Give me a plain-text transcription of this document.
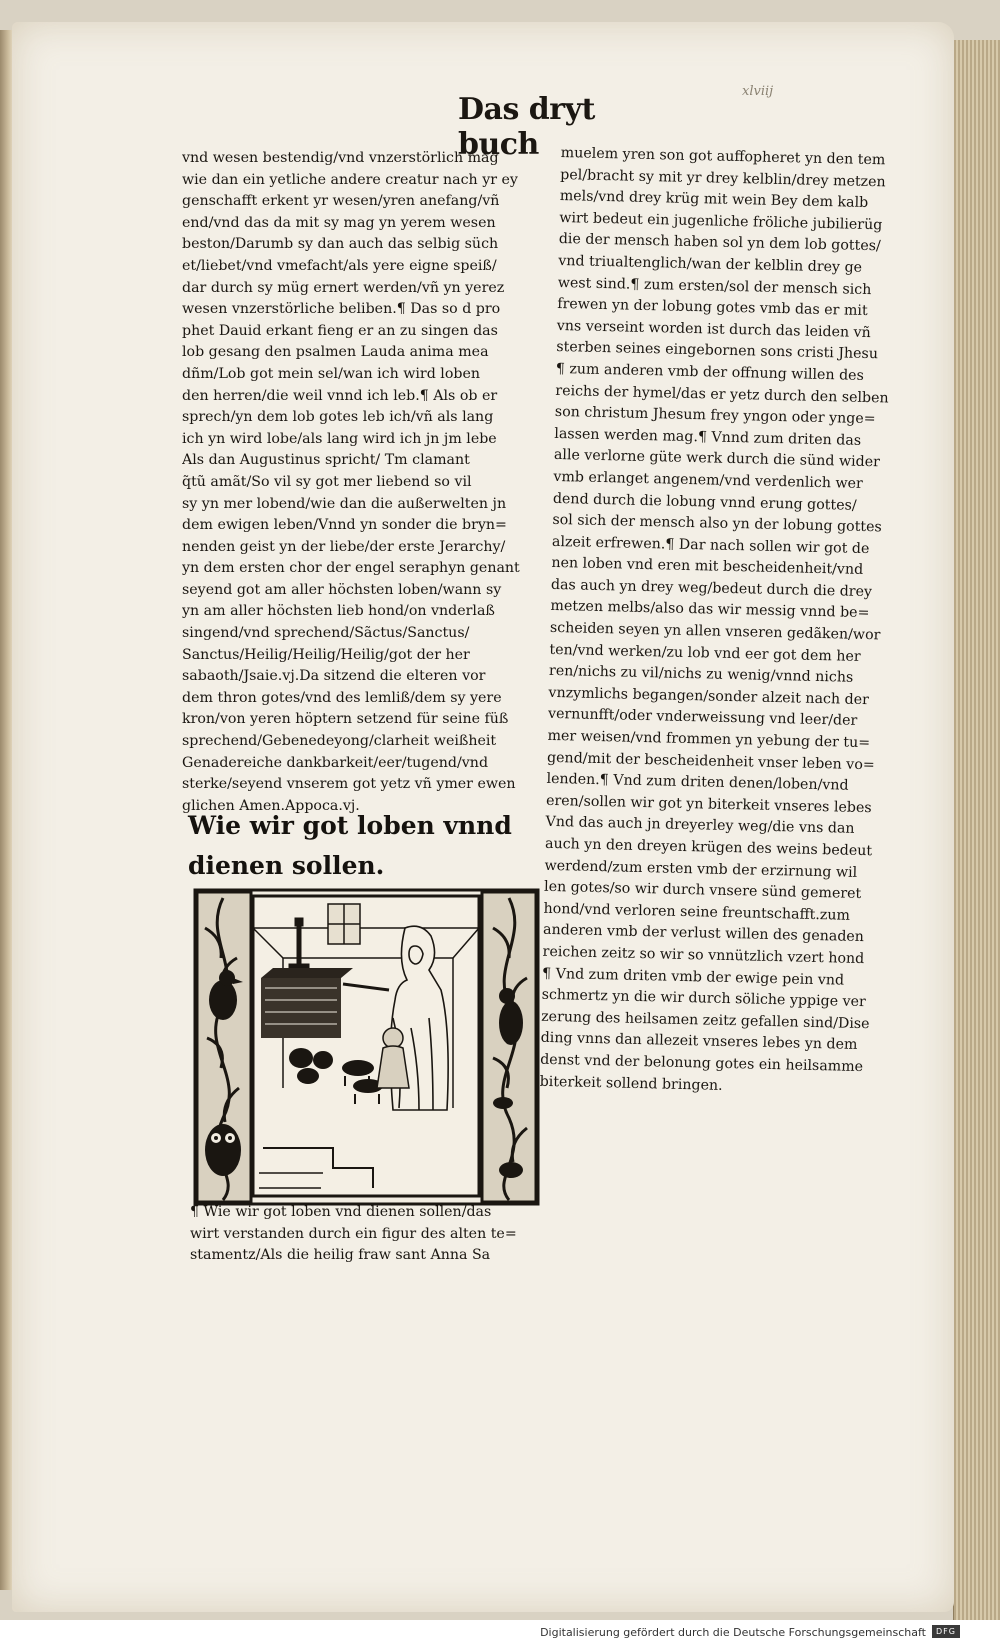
xlviij
Das dryt buch
vnd wesen bestendig/vnd vnzerstörlich mag
wie dan ein yetliche andere creatur nach yr ey
genschafft erkent yr wesen/yren anefang/vñ
end/vnd das da mit sy mag yn yerem wesen
beston/Darumb sy dan auch das selbig süch
et/liebet/vnd vmefacht/als yere eigne speiß/
dar durch sy müg ernert werden/vñ yn yerez
wesen vnzerstörliche beliben.¶ Das so d pro
phet Dauid erkant fieng er an zu singen das
lob gesang den psalmen Lauda anima mea
dñm/Lob got mein sel/wan ich wird loben
den herren/die weil vnnd ich leb.¶ Als ob er
sprech/yn dem lob gotes leb ich/vñ als lang
ich yn wird lobe/als lang wird ich jn jm lebe
Als dan Augustinus spricht/ Tm clamant
q̃tũ amãt/So vil sy got mer liebend so vil
sy yn mer lobend/wie dan die außerwelten jn
dem ewigen leben/Vnnd yn sonder die bryn=
nenden geist yn der liebe/der erste Jerarchy/
yn dem ersten chor der engel seraphyn genant
seyend got am aller höchsten loben/wann sy
yn am aller höchsten lieb hond/on vnderlaß
singend/vnd sprechend/Sãctus/Sanctus/
Sanctus/Heilig/Heilig/Heilig/got der her
sabaoth/Jsaie.vj.Da sitzend die elteren vor
dem thron gotes/vnd des lemliß/dem sy yere
kron/von yeren höptern setzend für seine füß
sprechend/Gebenedeyong/clarheit weißheit
Genadereiche dankbarkeit/eer/tugend/vnd
sterke/seyend vnserem got yetz vñ ymer ewen
glichen Amen.Appoca.vj.
Wie wir got loben vnnd
dienen sollen.
¶ Wie wir got loben vnd dienen sollen/das
wirt verstanden durch ein figur des alten te=
stamentz/Als die heilig fraw sant Anna Sa
muelem yren son got auffopheret yn den tem
pel/bracht sy mit yr drey kelblin/drey metzen
mels/vnd drey krüg mit wein Bey dem kalb
wirt bedeut ein jugenliche fröliche jubilierüg
die der mensch haben sol yn dem lob gottes/
vnd triualtenglich/wan der kelblin drey ge
west sind.¶ zum ersten/sol der mensch sich
frewen yn der lobung gotes vmb das er mit
vns verseint worden ist durch das leiden vñ
sterben seines eingebornen sons cristi Jhesu
¶ zum anderen vmb der offnung willen des
reichs der hymel/das er yetz durch den selben
son christum Jhesum frey yngon oder ynge=
lassen werden mag.¶ Vnnd zum driten das
alle verlorne güte werk durch die sünd wider
vmb erlanget angenem/vnd verdenlich wer
dend durch die lobung vnnd erung gottes/
sol sich der mensch also yn der lobung gottes
alzeit erfrewen.¶ Dar nach sollen wir got de
nen loben vnd eren mit bescheidenheit/vnd
das auch yn drey weg/bedeut durch die drey
metzen melbs/also das wir messig vnnd be=
scheiden seyen yn allen vnseren gedãken/wor
ten/vnd werken/zu lob vnd eer got dem her
ren/nichs zu vil/nichs zu wenig/vnnd nichs
vnzymlichs begangen/sonder alzeit nach der
vernunfft/oder vnderweissung vnd leer/der
mer weisen/vnd frommen yn yebung der tu=
gend/mit der bescheidenheit vnser leben vo=
lenden.¶ Vnd zum driten denen/loben/vnd
eren/sollen wir got yn biterkeit vnseres lebes
Vnd das auch jn dreyerley weg/die vns dan
auch yn den dreyen krügen des weins bedeut
werdend/zum ersten vmb der erzirnung wil
len gotes/so wir durch vnsere sünd gemeret
hond/vnd verloren seine freuntschafft.zum
anderen vmb der verlust willen des genaden
reichen zeitz so wir so vnnützlich vzert hond
¶ Vnd zum driten vmb der ewige pein vnd
schmertz yn die wir durch söliche yppige ver
zerung des heilsamen zeitz gefallen sind/Dise
ding vnns dan allezeit vnseres lebes yn dem
denst vnd der belonung gotes ein heilsamme
biterkeit sollend bringen.
Digitalisierung gefördert durch die Deutsche Forschungsgemeinschaft	DFG
